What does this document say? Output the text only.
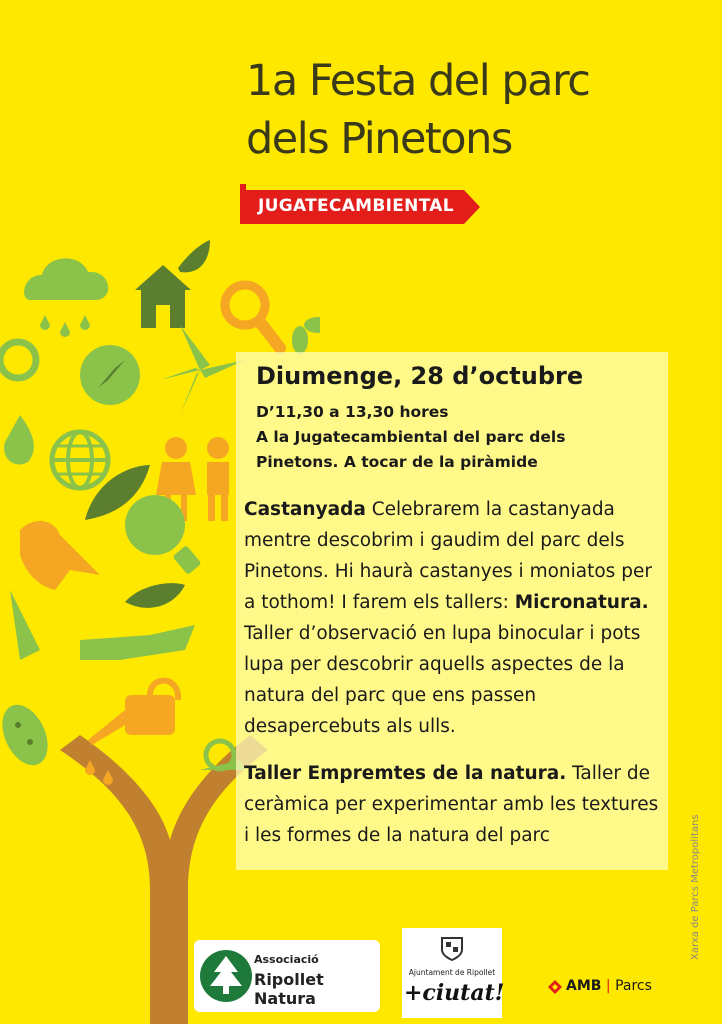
1a Festa del parc
dels Pinetons
JUGATECAMBIENTAL
Diumenge, 28 d’octubre
D’11,30 a 13,30 hores
A la Jugatecambiental del parc dels
Pinetons. A tocar de la piràmide
Castanyada Celebrarem la castanyada mentre descobrim i gaudim del parc dels Pinetons. Hi haurà castanyes i moniatos per a tothom! I farem els tallers: Micronatura. Taller d’observació en lupa binocular i pots lupa per descobrir aquells aspectes de la natura del parc que ens passen desapercebuts als ulls.
Taller Empremtes de la natura. Taller de ceràmica per experimentar amb les textures i les formes de la natura del parc	Xarxa de Parcs Metropolitans
Associació
Ripollet Natura
Ajuntament de Ripollet
+ciutat!	AMB | Parcs
